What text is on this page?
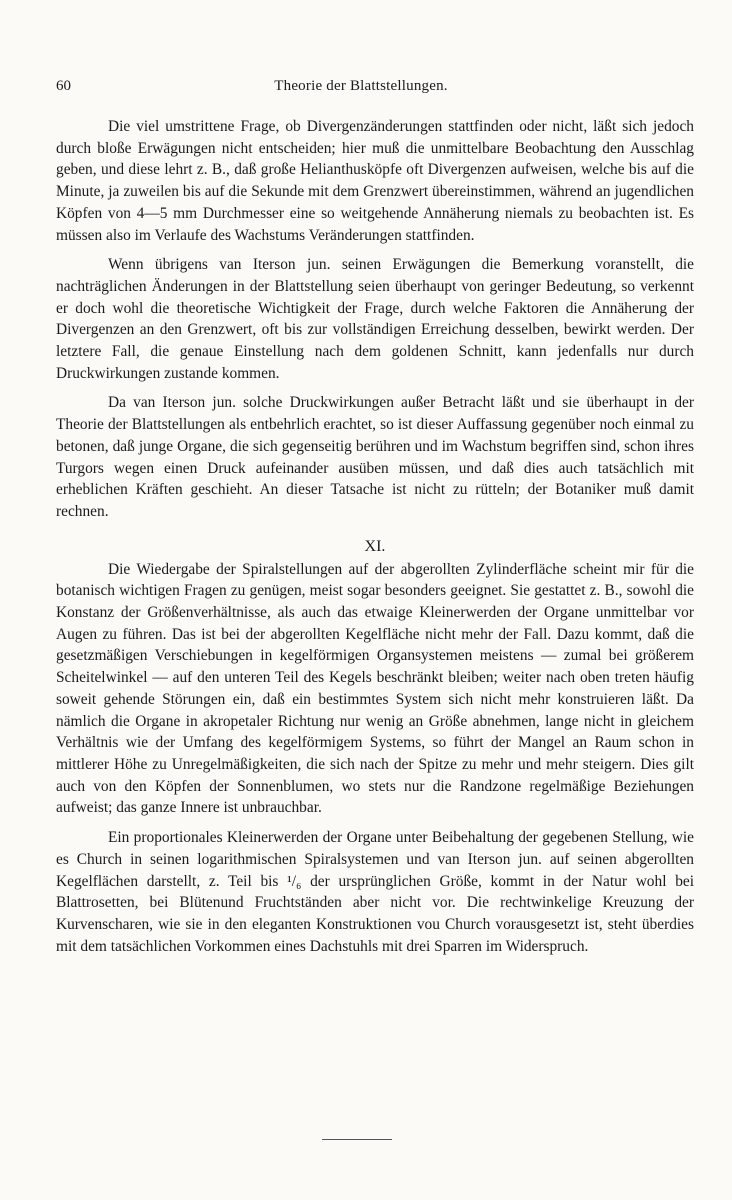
60	Theorie der Blattstellungen.

Die viel umstrittene Frage, ob Divergenzänderungen stattfinden oder nicht, läßt sich jedoch durch bloße Erwägungen nicht entscheiden; hier muß die unmittelbare Beobachtung den Ausschlag geben, und diese lehrt z. B., daß große Helianthusköpfe oft Divergenzen aufweisen, welche bis auf die Minute, ja zuweilen bis auf die Sekunde mit dem Grenzwert übereinstimmen, während an jugendlichen Köpfen von 4—5 mm Durchmesser eine so weitgehende Annäherung niemals zu beobachten ist. Es müssen also im Verlaufe des Wachstums Veränderungen stattfinden.

Wenn übrigens van Iterson jun. seinen Erwägungen die Bemerkung voranstellt, die nachträglichen Änderungen in der Blattstellung seien überhaupt von geringer Bedeutung, so verkennt er doch wohl die theoretische Wichtigkeit der Frage, durch welche Faktoren die Annäherung der Divergenzen an den Grenzwert, oft bis zur vollständigen Erreichung desselben, bewirkt werden. Der letztere Fall, die genaue Einstellung nach dem goldenen Schnitt, kann jedenfalls nur durch Druckwirkungen zustande kommen.

Da van Iterson jun. solche Druckwirkungen außer Betracht läßt und sie überhaupt in der Theorie der Blattstellungen als entbehrlich erachtet, so ist dieser Auffassung gegenüber noch einmal zu betonen, daß junge Organe, die sich gegenseitig berühren und im Wachstum begriffen sind, schon ihres Turgors wegen einen Druck aufeinander ausüben müssen, und daß dies auch tatsächlich mit erheblichen Kräften geschieht. An dieser Tatsache ist nicht zu rütteln; der Botaniker muß damit rechnen.

XI.

Die Wiedergabe der Spiralstellungen auf der abgerollten Zylinderfläche scheint mir für die botanisch wichtigen Fragen zu genügen, meist sogar besonders geeignet. Sie gestattet z. B., sowohl die Konstanz der Größenverhältnisse, als auch das etwaige Kleinerwerden der Organe unmittelbar vor Augen zu führen. Das ist bei der abgerollten Kegelfläche nicht mehr der Fall. Dazu kommt, daß die gesetzmäßigen Verschiebungen in kegelförmigen Organsystemen meistens — zumal bei größerem Scheitelwinkel — auf den unteren Teil des Kegels beschränkt bleiben; weiter nach oben treten häufig soweit gehende Störungen ein, daß ein bestimmtes System sich nicht mehr konstruieren läßt. Da nämlich die Organe in akropetaler Richtung nur wenig an Größe abnehmen, lange nicht in gleichem Verhältnis wie der Umfang des kegelförmigem Systems, so führt der Mangel an Raum schon in mittlerer Höhe zu Unregelmäßigkeiten, die sich nach der Spitze zu mehr und mehr steigern. Dies gilt auch von den Köpfen der Sonnenblumen, wo stets nur die Randzone regelmäßige Beziehungen aufweist; das ganze Innere ist unbrauchbar.

Ein proportionales Kleinerwerden der Organe unter Beibehaltung der gegebenen Stellung, wie es Church in seinen logarithmischen Spiralsystemen und van Iterson jun. auf seinen abgerollten Kegelflächen darstellt, z. Teil bis ¹/₆ der ursprünglichen Größe, kommt in der Natur wohl bei Blattrosetten, bei Blütenund Fruchtständen aber nicht vor. Die rechtwinkelige Kreuzung der Kurvenscharen, wie sie in den eleganten Konstruktionen vou Church vorausgesetzt ist, steht überdies mit dem tatsächlichen Vorkommen eines Dachstuhls mit drei Sparren im Widerspruch.
